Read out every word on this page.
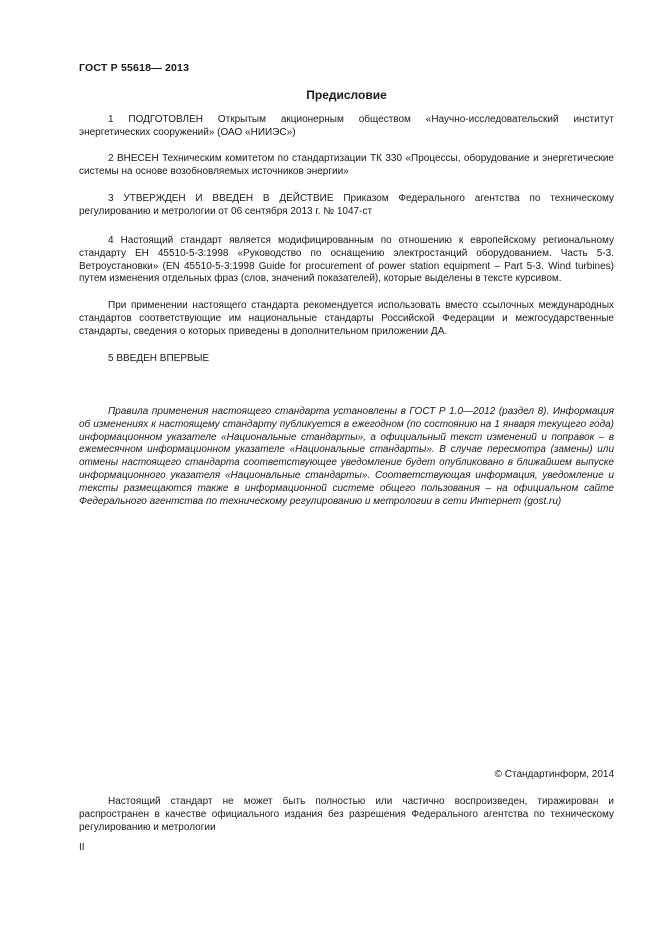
ГОСТ Р 55618— 2013
Предисловие

1 ПОДГОТОВЛЕН Открытым акционерным обществом «Научно-исследовательский институт энергетических сооружений» (ОАО «НИИЭС»)

2 ВНЕСЕН Техническим комитетом по стандартизации ТК 330 «Процессы, оборудование и энергетические системы на основе возобновляемых источников энергии»

3 УТВЕРЖДЕН И ВВЕДЕН В ДЕЙСТВИЕ Приказом Федерального агентства по техническому регулированию и метрологии от 06 сентября 2013 г. № 1047-ст

4 Настоящий стандарт является модифицированным по отношению к европейскому региональному стандарту ЕН 45510-5-3:1998 «Руководство по оснащению электростанций оборудованием. Часть 5-3. Ветроустановки» (EN 45510-5-3:1998 Guide for procurement of power station equipment – Part 5-3. Wind turbines) путем изменения отдельных фраз (слов, значений показателей), которые выделены в тексте курсивом.

При применении настоящего стандарта рекомендуется использовать вместо ссылочных международных стандартов соответствующие им национальные стандарты Российской Федерации и межгосударственные стандарты, сведения о которых приведены в дополнительном приложении ДА.

5 ВВЕДЕН ВПЕРВЫЕ

Правила применения настоящего стандарта установлены в ГОСТ Р 1.0—2012 (раздел 8). Информация об изменениях к настоящему стандарту публикуется в ежегодном (по состоянию на 1 января текущего года) информационном указателе «Национальные стандарты», а официальный текст изменений и поправок – в ежемесячном информационном указателе «Национальные стандарты». В случае пересмотра (замены) или отмены настоящего стандарта соответствующее уведомление будет опубликовано в ближайшем выпуске информационного указателя «Национальные стандарты». Соответствующая информация, уведомление и тексты размещаются также в информационной системе общего пользования – на официальном сайте Федерального агентства по техническому регулированию и метрологии в сети Интернет (gost.ru)

© Стандартинформ, 2014

Настоящий стандарт не может быть полностью или частично воспроизведен, тиражирован и распространен в качестве официального издания без разрешения Федерального агентства по техническому регулированию и метрологии

II
